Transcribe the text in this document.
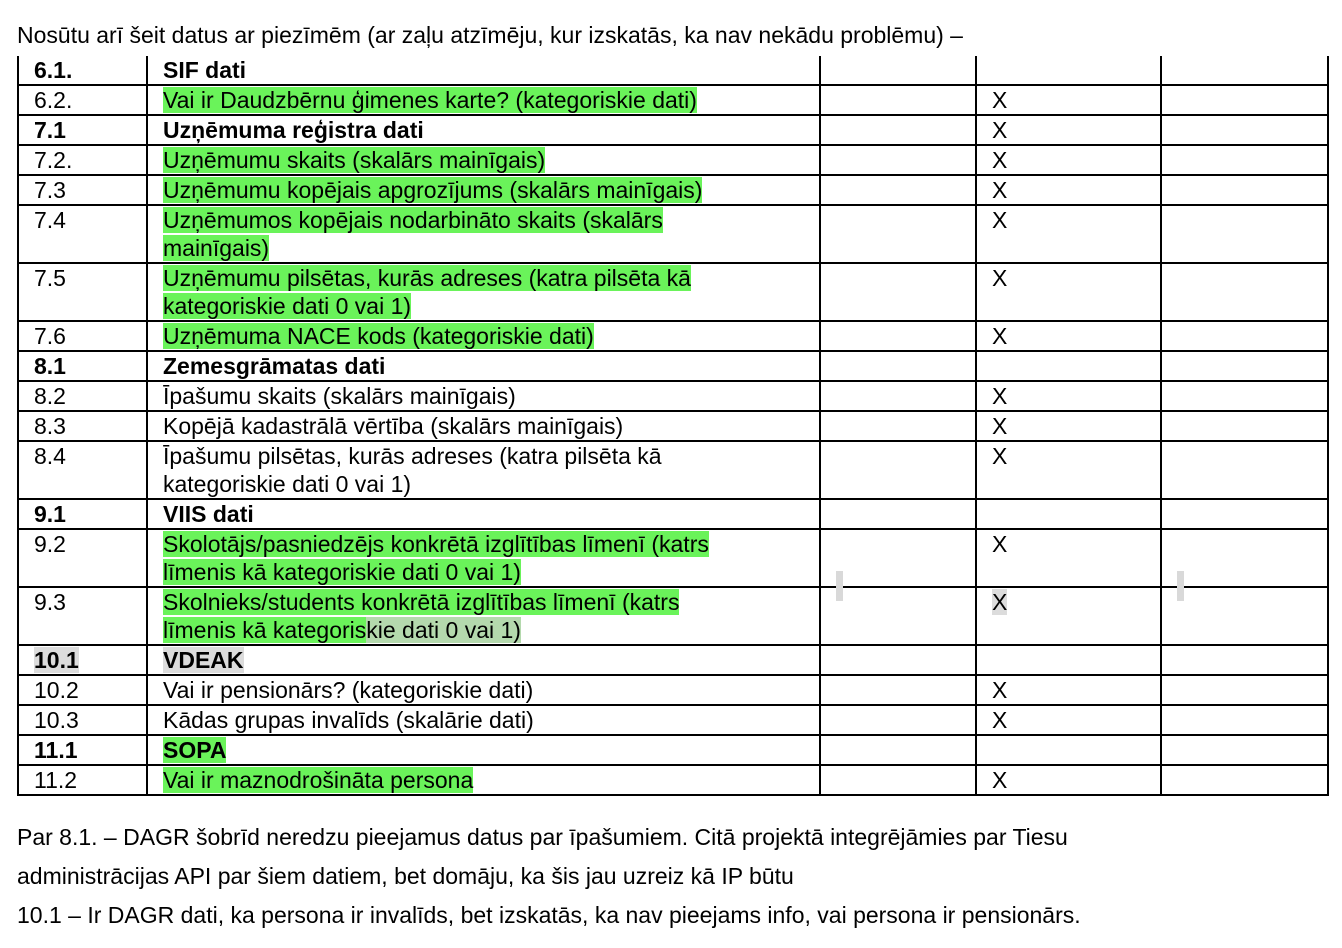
Nosūtu arī šeit datus ar piezīmēm (ar zaļu atzīmēju, kur izskatās, ka nav nekādu problēmu) –
6.1.	SIF dati			
6.2.	Vai ir Daudzbērnu ģimenes karte? (kategoriskie dati)		X	
7.1	Uzņēmuma reģistra dati		X	
7.2.	Uzņēmumu skaits (skalārs mainīgais)		X	
7.3	Uzņēmumu kopējais apgrozījums (skalārs mainīgais)		X	
7.4	Uzņēmumos kopējais nodarbināto skaits (skalārs
mainīgais)		X	
7.5	Uzņēmumu pilsētas, kurās adreses (katra pilsēta kā
kategoriskie dati 0 vai 1)		X	
7.6	Uzņēmuma NACE kods (kategoriskie dati)		X	
8.1	Zemesgrāmatas dati			
8.2	Īpašumu skaits (skalārs mainīgais)		X	
8.3	Kopējā kadastrālā vērtība (skalārs mainīgais)		X	
8.4	Īpašumu pilsētas, kurās adreses (katra pilsēta kā
kategoriskie dati 0 vai 1)		X	
9.1	VIIS dati			
9.2	Skolotājs/pasniedzējs konkrētā izglītības līmenī (katrs
līmenis kā kategoriskie dati 0 vai 1)		X	
9.3	Skolnieks/students konkrētā izglītības līmenī (katrs
līmenis kā kategoriskie dati 0 vai 1)		X	
10.1	VDEAK			
10.2	Vai ir pensionārs? (kategoriskie dati)		X	
10.3	Kādas grupas invalīds (skalārie dati)		X	
11.1	SOPA			
11.2	Vai ir maznodrošināta persona		X	

Par 8.1. – DAGR šobrīd neredzu pieejamus datus par īpašumiem. Citā projektā integrējāmies par Tiesu

administrācijas API par šiem datiem, bet domāju, ka šis jau uzreiz kā IP būtu

10.1 – Ir DAGR dati, ka persona ir invalīds, bet izskatās, ka nav pieejams info, vai persona ir pensionārs.
